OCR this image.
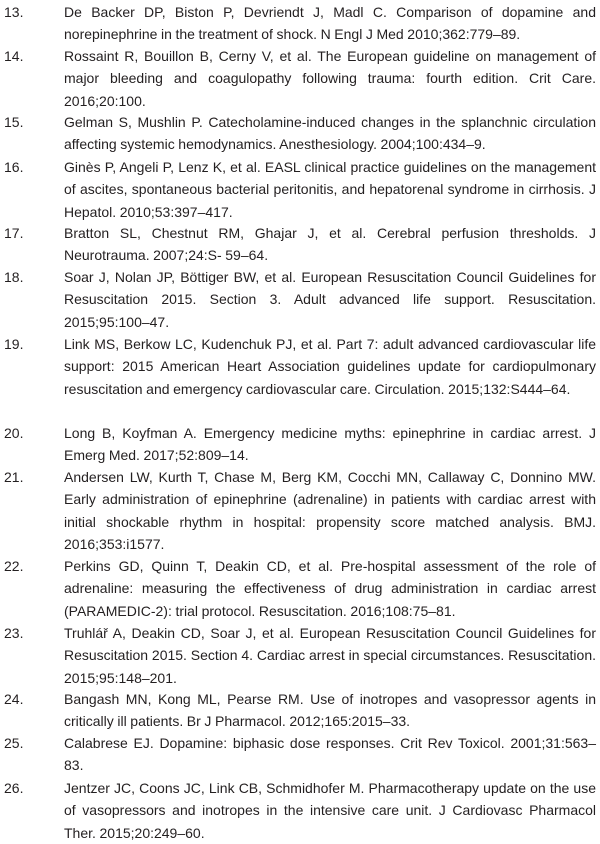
13.	De Backer DP, Biston P, Devriendt J, Madl C. Comparison of dopamine and norepinephrine in the treatment of shock. N Engl J Med 2010;362:779–89.
14.	Rossaint R, Bouillon B, Cerny V, et al. The European guideline on management of major bleeding and coagulopathy following trauma: fourth edition. Crit Care. 2016;20:100.
15.	Gelman S, Mushlin P. Catecholamine-induced changes in the splanchnic circulation affecting systemic hemodynamics. Anesthesiology. 2004;100:434–9.
16.	Ginès P, Angeli P, Lenz K, et al. EASL clinical practice guidelines on the management of ascites, spontaneous bacterial peritonitis, and hepatorenal syndrome in cirrhosis. J Hepatol. 2010;53:397–417.
17.	Bratton SL, Chestnut RM, Ghajar J, et al. Cerebral perfusion thresholds. J Neurotrauma. 2007;24:S- 59–64.
18.	Soar J, Nolan JP, Böttiger BW, et al. European Resuscitation Council Guidelines for Resuscitation 2015. Section 3. Adult advanced life support. Resuscitation. 2015;95:100–47.
19.	Link MS, Berkow LC, Kudenchuk PJ, et al. Part 7: adult advanced cardiovascular life support: 2015 American Heart Association guidelines update for cardiopulmonary resuscitation and emergency cardiovascular care. Circulation. 2015;132:S444–64.
20.	Long B, Koyfman A. Emergency medicine myths: epinephrine in cardiac arrest. J Emerg Med. 2017;52:809–14.
21.	Andersen LW, Kurth T, Chase M, Berg KM, Cocchi MN, Callaway C, Donnino MW. Early administration of epinephrine (adrenaline) in patients with cardiac arrest with initial shockable rhythm in hospital: propensity score matched analysis. BMJ. 2016;353:i1577.
22.	Perkins GD, Quinn T, Deakin CD, et al. Pre-hospital assessment of the role of adrenaline: measuring the effectiveness of drug administration in cardiac arrest (PARAMEDIC-2): trial protocol. Resuscitation. 2016;108:75–81.
23.	Truhlář A, Deakin CD, Soar J, et al. European Resuscitation Council Guidelines for Resuscitation 2015. Section 4. Cardiac arrest in special circumstances. Resuscitation. 2015;95:148–201.
24.	Bangash MN, Kong ML, Pearse RM. Use of inotropes and vasopressor agents in critically ill patients. Br J Pharmacol. 2012;165:2015–33.
25.	Calabrese EJ. Dopamine: biphasic dose responses. Crit Rev Toxicol. 2001;31:563–83.
26.	Jentzer JC, Coons JC, Link CB, Schmidhofer M. Pharmacotherapy update on the use of vasopressors and inotropes in the intensive care unit. J Cardiovasc Pharmacol Ther. 2015;20:249–60.
